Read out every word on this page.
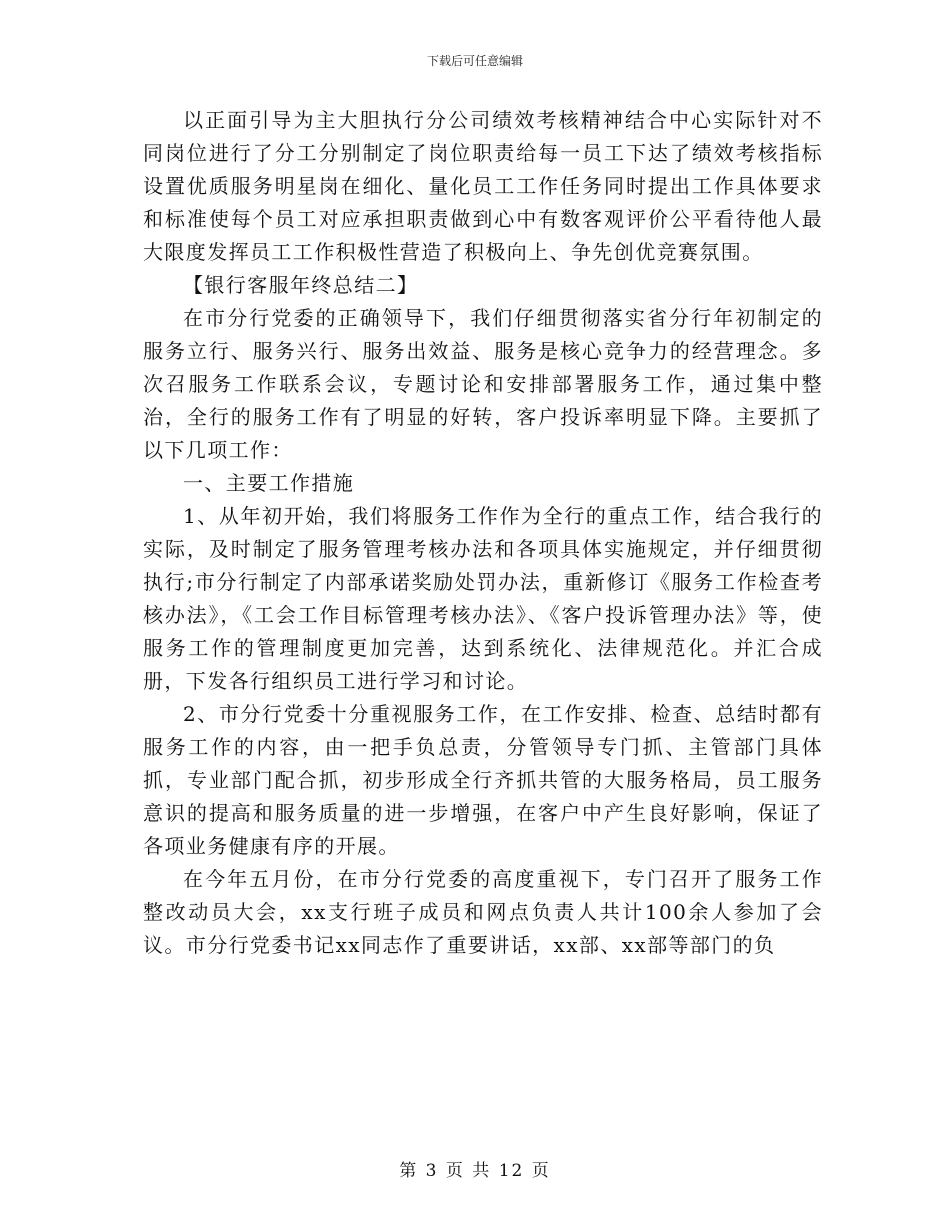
下载后可任意编辑

以正面引导为主大胆执行分公司绩效考核精神结合中心实际针对不同岗位进行了分工分别制定了岗位职责给每一员工下达了绩效考核指标设置优质服务明星岗在细化、量化员工工作任务同时提出工作具体要求和标准使每个员工对应承担职责做到心中有数客观评价公平看待他人最大限度发挥员工工作积极性营造了积极向上、争先创优竞赛氛围。

【银行客服年终总结二】

在市分行党委的正确领导下，我们仔细贯彻落实省分行年初制定的服务立行、服务兴行、服务出效益、服务是核心竞争力的经营理念。多次召服务工作联系会议，专题讨论和安排部署服务工作，通过集中整治，全行的服务工作有了明显的好转，客户投诉率明显下降。主要抓了以下几项工作：

一、主要工作措施

1、从年初开始，我们将服务工作作为全行的重点工作，结合我行的实际，及时制定了服务管理考核办法和各项具体实施规定，并仔细贯彻执行;市分行制定了内部承诺奖励处罚办法，重新修订《服务工作检查考核办法》，《工会工作目标管理考核办法》、《客户投诉管理办法》等，使服务工作的管理制度更加完善，达到系统化、法律规范化。并汇合成册，下发各行组织员工进行学习和讨论。

2、市分行党委十分重视服务工作，在工作安排、检查、总结时都有服务工作的内容，由一把手负总责，分管领导专门抓、主管部门具体抓，专业部门配合抓，初步形成全行齐抓共管的大服务格局，员工服务意识的提高和服务质量的进一步增强，在客户中产生良好影响，保证了各项业务健康有序的开展。

在今年五月份，在市分行党委的高度重视下，专门召开了服务工作整改动员大会，xx支行班子成员和网点负责人共计100余人参加了会议。市分行党委书记xx同志作了重要讲话，xx部、xx部等部门的负

第 3 页 共 12 页
